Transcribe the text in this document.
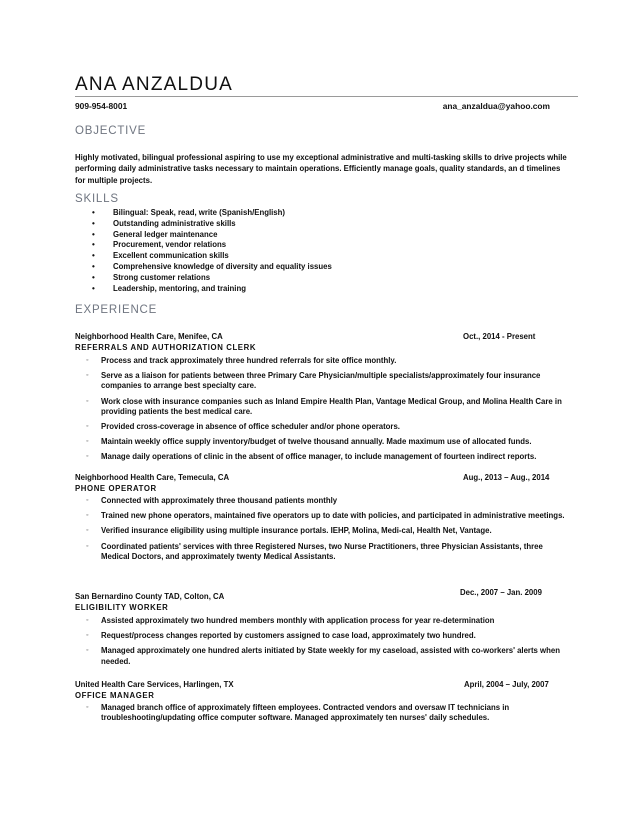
ANA ANZALDUA
909-954-8001	ana_anzaldua@yahoo.com
OBJECTIVE
Highly motivated, bilingual professional aspiring to use my exceptional administrative and multi-tasking skills to drive projects while performing daily administrative tasks necessary to maintain operations. Efficiently manage goals, quality standards, an d timelines for multiple projects.
SKILLS
• Bilingual: Speak, read, write (Spanish/English)
• Outstanding administrative skills
• General ledger maintenance
• Procurement, vendor relations
• Excellent communication skills
• Comprehensive knowledge of diversity and equality issues
• Strong customer relations
• Leadership, mentoring, and training
EXPERIENCE
Neighborhood Health Care, Menifee, CA	Oct., 2014 - Present
REFERRALS AND AUTHORIZATION CLERK
◦ Process and track approximately three hundred referrals for site office monthly.
◦ Serve as a liaison for patients between three Primary Care Physician/multiple specialists/approximately four insurance companies to arrange best specialty care.
◦ Work close with insurance companies such as Inland Empire Health Plan, Vantage Medical Group, and Molina Health Care in providing patients the best medical care.
◦ Provided cross-coverage in absence of office scheduler and/or phone operators.
◦ Maintain weekly office supply inventory/budget of twelve thousand annually. Made maximum use of allocated funds.
◦ Manage daily operations of clinic in the absent of office manager, to include management of fourteen indirect reports.
Neighborhood Health Care, Temecula, CA	Aug., 2013 – Aug., 2014
PHONE OPERATOR
◦ Connected with approximately three thousand patients monthly
◦ Trained new phone operators, maintained five operators up to date with policies, and participated in administrative meetings.
◦ Verified insurance eligibility using multiple insurance portals. IEHP, Molina, Medi-cal, Health Net, Vantage.
◦ Coordinated patients' services with three Registered Nurses, two Nurse Practitioners, three Physician Assistants, three Medical Doctors, and approximately twenty Medical Assistants.
San Bernardino County TAD, Colton, CA	Dec., 2007 – Jan. 2009
ELIGIBILITY WORKER
◦ Assisted approximately two hundred members monthly with application process for year re-determination
◦ Request/process changes reported by customers assigned to case load, approximately two hundred.
◦ Managed approximately one hundred alerts initiated by State weekly for my caseload, assisted with co-workers' alerts when needed.
United Health Care Services, Harlingen, TX	April, 2004 – July, 2007
OFFICE MANAGER
◦ Managed branch office of approximately fifteen employees. Contracted vendors and oversaw IT technicians in troubleshooting/updating office computer software. Managed approximately ten nurses' daily schedules.
